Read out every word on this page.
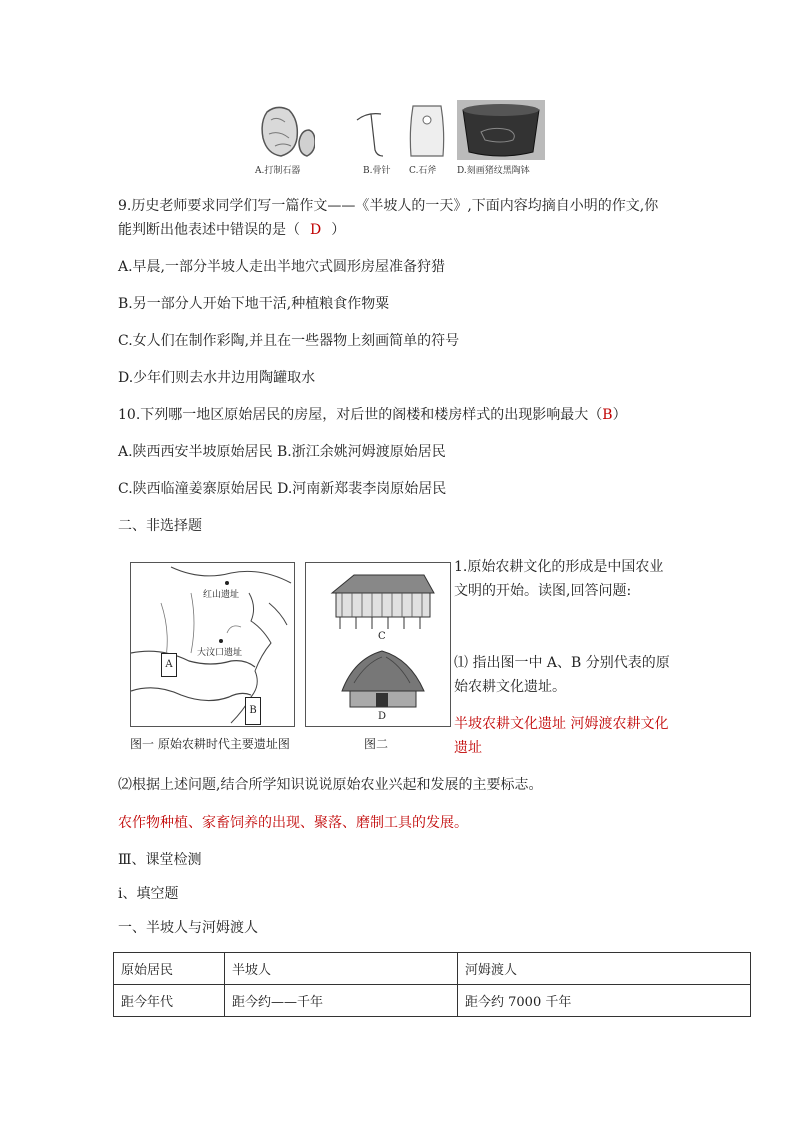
A.打制石器	B.骨针 C.石斧 D.刻画猪纹黑陶钵
9.历史老师要求同学们写一篇作文——《半坡人的一天》,下面内容均摘自小明的作文,你
能判断出他表述中错误的是（ D ）
A.早晨,一部分半坡人走出半地穴式圆形房屋准备狩猎
B.另一部分人开始下地干活,种植粮食作物粟
C.女人们在制作彩陶,并且在一些器物上刻画简单的符号
D.少年们则去水井边用陶罐取水
10.下列哪一地区原始居民的房屋，对后世的阁楼和楼房样式的出现影响最大（B）
A.陕西西安半坡原始居民 B.浙江余姚河姆渡原始居民
C.陕西临潼姜寨原始居民 D.河南新郑裴李岗原始居民
二、非选择题
红山遗址
大汶口遗址
A
B
图一 原始农耕时代主要遗址图
C
D
图二
1.原始农耕文化的形成是中国农业
文明的开始。读图,回答问题:
⑴ 指出图一中 A、B 分别代表的原
始农耕文化遗址。
半坡农耕文化遗址 河姆渡农耕文化
遗址
⑵根据上述问题,结合所学知识说说原始农业兴起和发展的主要标志。
农作物种植、家畜饲养的出现、聚落、磨制工具的发展。
Ⅲ、课堂检测
ⅰ、填空题
一、半坡人与河姆渡人
原始居民	半坡人	河姆渡人
距今年代	距今约——千年	距今约 7000 千年
